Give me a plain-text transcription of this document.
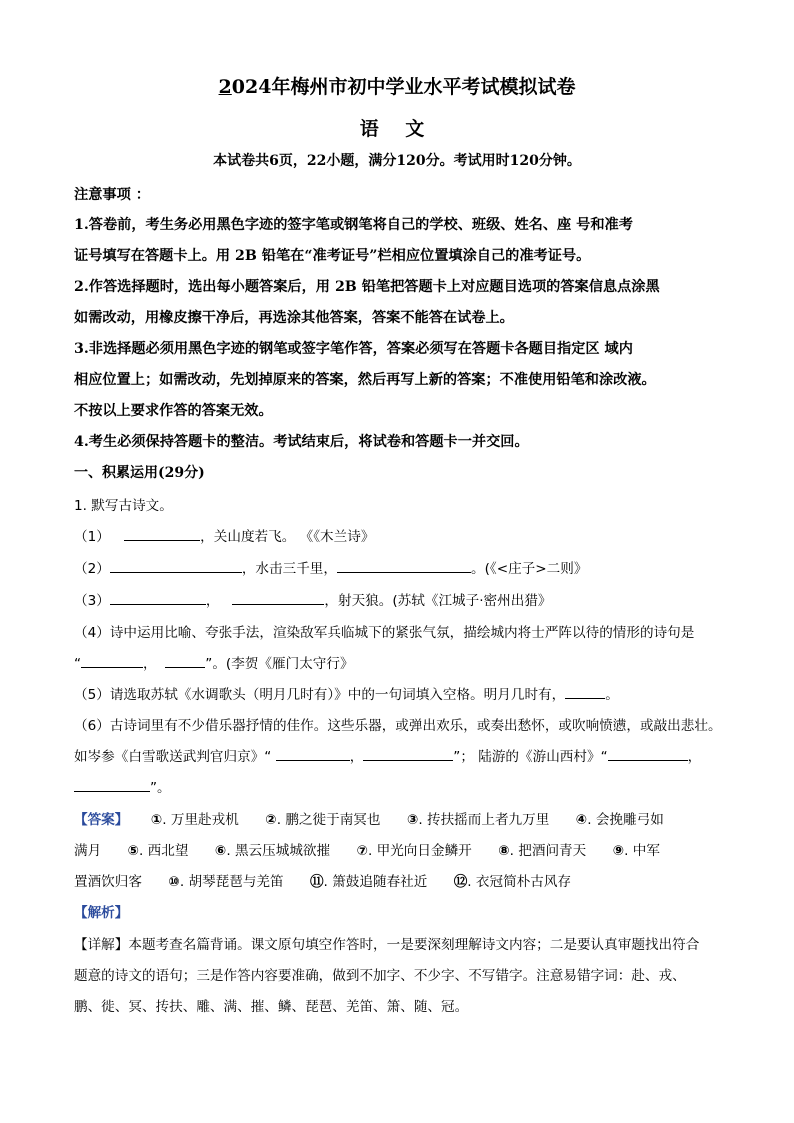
2024年梅州市初中学业水平考试模拟试卷
语 文
本试卷共6页，22小题，满分120分。考试用时120分钟。
注意事项 ：
1.答卷前，考生务必用黑色字迹的签字笔或钢笔将自己的学校、班级、姓名、座 号和准考
证号填写在答题卡上。用 2B 铅笔在“准考证号”栏相应位置填涂自己的准考证号。
2.作答选择题时，选出每小题答案后，用 2B 铅笔把答题卡上对应题目选项的答案信息点涂黑
如需改动，用橡皮擦干净后，再选涂其他答案，答案不能答在试卷上。
3.非选择题必须用黑色字迹的钢笔或签字笔作答，答案必须写在答题卡各题目指定区 域内
相应位置上；如需改动，先划掉原来的答案，然后再写上新的答案；不准使用铅笔和涂改液。
不按以上要求作答的答案无效。
4.考生必须保持答题卡的整洁。考试结束后，将试卷和答题卡一并交回。
一、积累运用(29分)
1. 默写古诗文。
（1）	，关山度若飞。 《《木兰诗》
（2）	，水击三千里，	。(《<庄子>二则》
（3）	，	，射天狼。(苏轼《江城子·密州出猎》
（4）诗中运用比喻、夸张手法，渲染敌军兵临城下的紧张气氛，描绘城内将士严阵以待的情形的诗句是
“	，	”。(李贺《雁门太守行》
（5）请选取苏轼《水调歌头（明月几时有）》中的一句词填入空格。明月几时有，	。
（6）古诗词里有不少借乐器抒情的佳作。这些乐器，或弹出欢乐，或奏出愁怀，或吹响愤懑，或敲出悲壮。
如岑参《白雪歌送武判官归京》“	，	”； 陆游的《游山西村》“	，
”。
【答案】 ①. 万里赴戎机 ②. 鹏之徙于南冥也 ③. 抟扶摇而上者九万里 ④. 会挽雕弓如
满月 ⑤. 西北望 ⑥. 黑云压城城欲摧 ⑦. 甲光向日金鳞开 ⑧. 把酒问青天 ⑨. 中军
置酒饮归客 ⑩. 胡琴琵琶与羌笛 ⑪. 箫鼓追随春社近 ⑫. 衣冠简朴古风存
【解析】
【详解】本题考查名篇背诵。课文原句填空作答时，一是要深刻理解诗文内容；二是要认真审题找出符合
题意的诗文的语句；三是作答内容要准确，做到不加字、不少字、不写错字。注意易错字词：赴、戎、
鹏、徙、冥、抟扶、雕、满、摧、鳞、琵琶、羌笛、箫、随、冠。
